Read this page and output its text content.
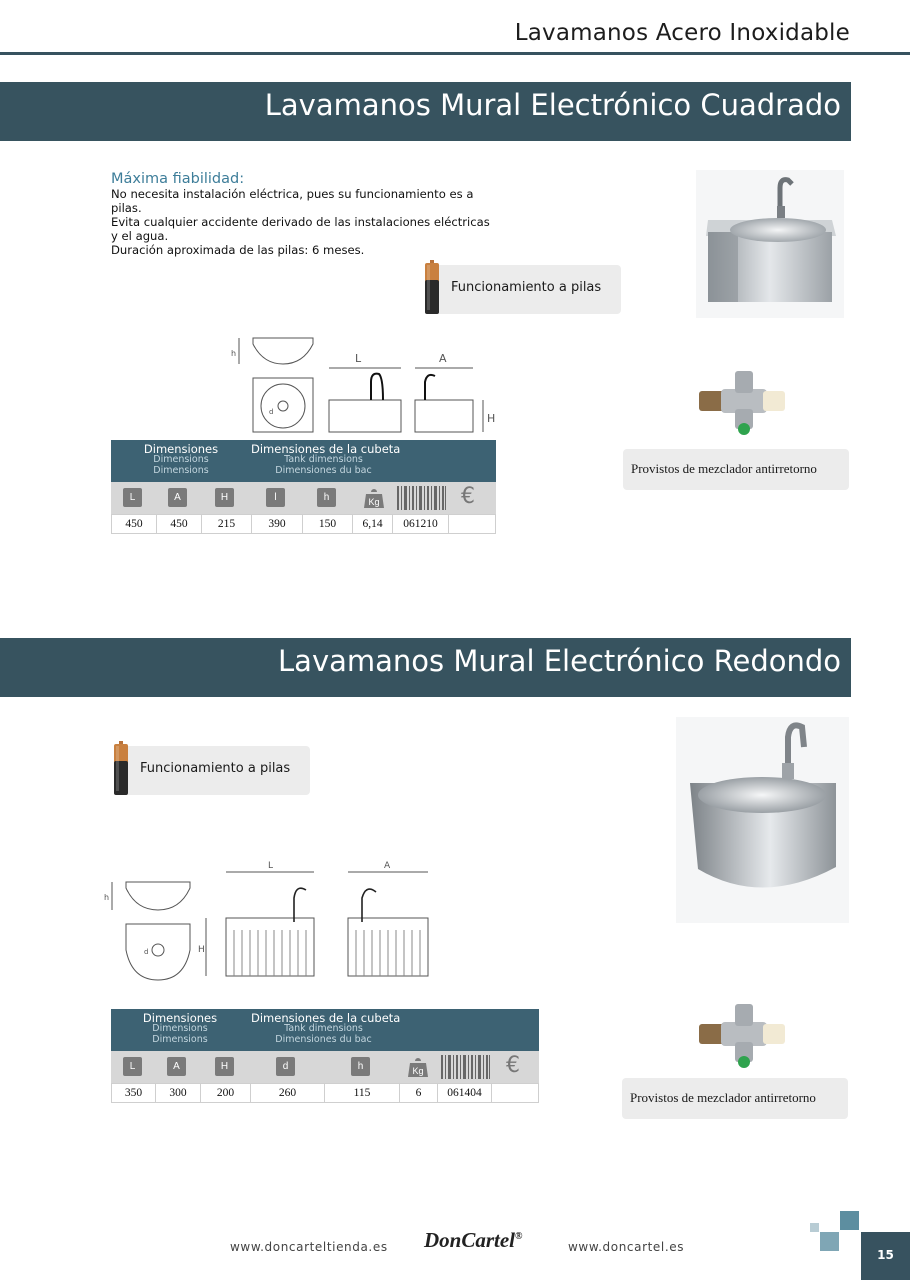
Lavamanos Acero Inoxidable
Lavamanos Mural Electrónico Cuadrado
Máxima fiabilidad:
No necesita instalación eléctrica, pues su funcionamiento es a pilas.
Evita cualquier accidente derivado de las instalaciones eléctricas
y el agua.
Duración aproximada de las pilas: 6 meses.
Funcionamiento a pilas
Provistos de mezclador antirretorno
h	L	A
H
d
Dimensiones
Dimensions
Dimensions
Dimensiones de la cubeta
Tank dimensions
Dimensiones du bac
L	A	H	l	h	Kg	€
450	450	215	390	150	6,14	061210
Lavamanos Mural Electrónico Redondo
Funcionamiento a pilas
h
L	A
H
d
Provistos de mezclador antirretorno
Dimensiones
Dimensions
Dimensions
Dimensiones de la cubeta
Tank dimensions
Dimensiones du bac
L	A	H	d	h	Kg	€
350	300	200	260	115	6	061404
www.doncarteltienda.es DonCartel®
www.doncartel.es
15
